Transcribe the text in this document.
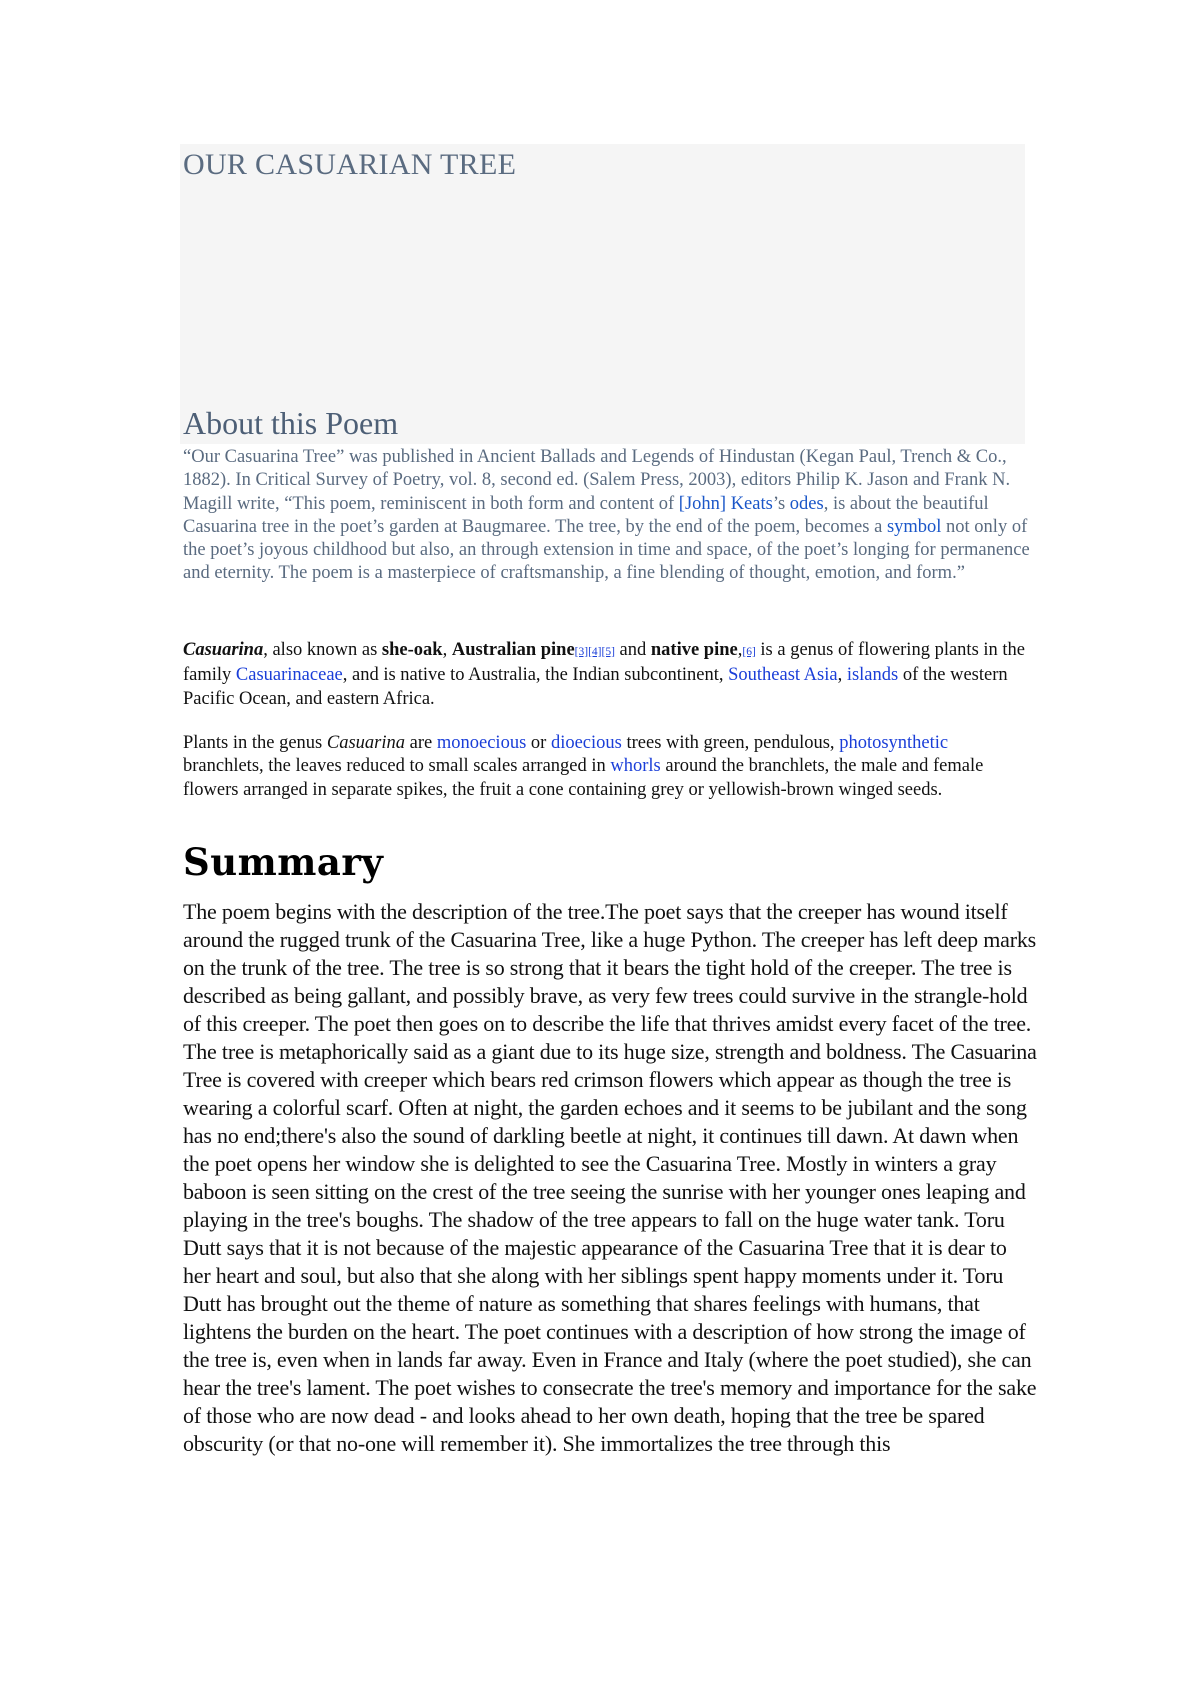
OUR CASUARIAN TREE
About this Poem
“Our Casuarina Tree” was published in Ancient Ballads and Legends of Hindustan (Kegan Paul, Trench & Co., 1882). In Critical Survey of Poetry, vol. 8, second ed. (Salem Press, 2003), editors Philip K. Jason and Frank N. Magill write, “This poem, reminiscent in both form and content of [John] Keats’s odes, is about the beautiful Casuarina tree in the poet’s garden at Baugmaree. The tree, by the end of the poem, becomes a symbol not only of the poet’s joyous childhood but also, an through extension in time and space, of the poet’s longing for permanence and eternity. The poem is a masterpiece of craftsmanship, a fine blending of thought, emotion, and form.”
Casuarina, also known as she-oak, Australian pine[3][4][5] and native pine,[6] is a genus of flowering plants in the family Casuarinaceae, and is native to Australia, the Indian subcontinent, Southeast Asia, islands of the western Pacific Ocean, and eastern Africa.
Plants in the genus Casuarina are monoecious or dioecious trees with green, pendulous, photosynthetic branchlets, the leaves reduced to small scales arranged in whorls around the branchlets, the male and female flowers arranged in separate spikes, the fruit a cone containing grey or yellowish-brown winged seeds.
Summary
The poem begins with the description of the tree.The poet says that the creeper has wound itself around the rugged trunk of the Casuarina Tree, like a huge Python. The creeper has left deep marks on the trunk of the tree. The tree is so strong that it bears the tight hold of the creeper. The tree is described as being gallant, and possibly brave, as very few trees could survive in the strangle-hold of this creeper. The poet then goes on to describe the life that thrives amidst every facet of the tree. The tree is metaphorically said as a giant due to its huge size, strength and boldness. The Casuarina Tree is covered with creeper which bears red crimson flowers which appear as though the tree is wearing a colorful scarf. Often at night, the garden echoes and it seems to be jubilant and the song has no end;there's also the sound of darkling beetle at night, it continues till dawn. At dawn when the poet opens her window she is delighted to see the Casuarina Tree. Mostly in winters a gray baboon is seen sitting on the crest of the tree seeing the sunrise with her younger ones leaping and playing in the tree's boughs. The shadow of the tree appears to fall on the huge water tank. Toru Dutt says that it is not because of the majestic appearance of the Casuarina Tree that it is dear to her heart and soul, but also that she along with her siblings spent happy moments under it. Toru Dutt has brought out the theme of nature as something that shares feelings with humans, that lightens the burden on the heart. The poet continues with a description of how strong the image of the tree is, even when in lands far away. Even in France and Italy (where the poet studied), she can hear the tree's lament. The poet wishes to consecrate the tree's memory and importance for the sake of those who are now dead - and looks ahead to her own death, hoping that the tree be spared obscurity (or that no-one will remember it). She immortalizes the tree through this
